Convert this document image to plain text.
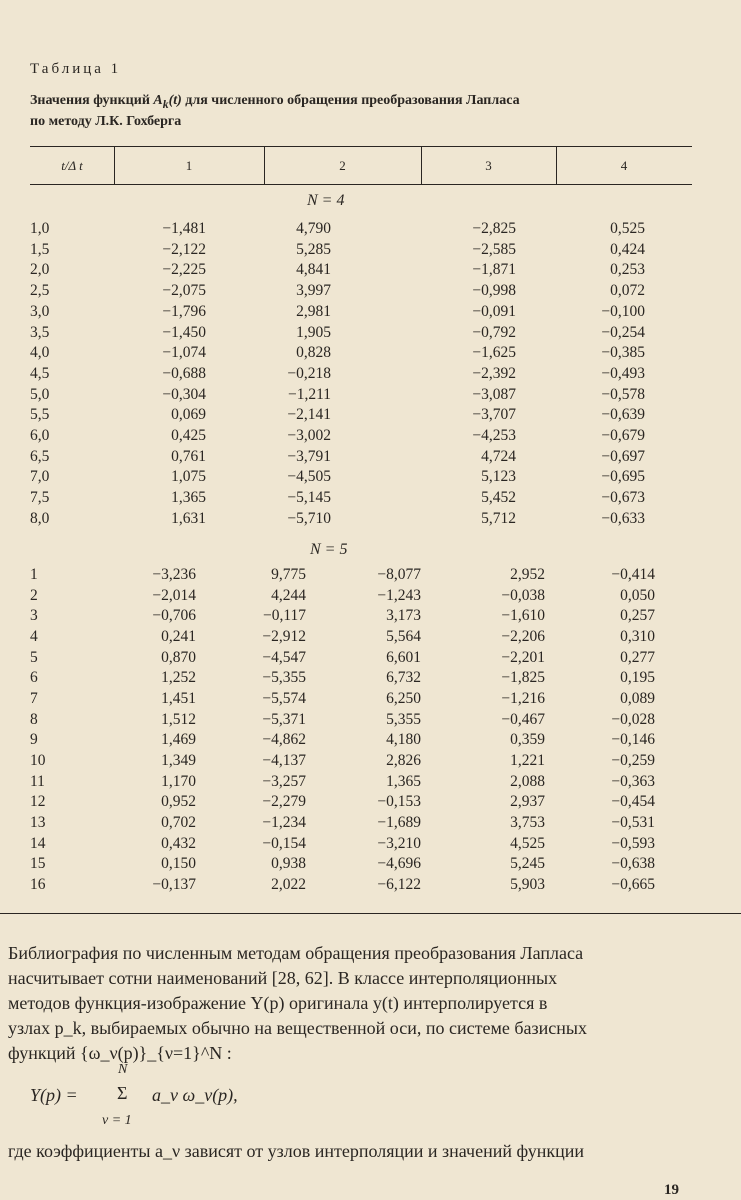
Таблица 1
Значения функций $A_k(t)$ для численного обращения преобразования Лапласа
по методу Л.К. Гохберга
t/Δ t	1	2	3	4
N = 4
1,0	−1,481	4,790	−2,825	0,525
1,5	−2,122	5,285	−2,585	0,424
2,0	−2,225	4,841	−1,871	0,253
2,5	−2,075	3,997	−0,998	0,072
3,0	−1,796	2,981	−0,091	−0,100
3,5	−1,450	1,905	−0,792	−0,254
4,0	−1,074	0,828	−1,625	−0,385
4,5	−0,688	−0,218	−2,392	−0,493
5,0	−0,304	−1,211	−3,087	−0,578
5,5	0,069	−2,141	−3,707	−0,639
6,0	0,425	−3,002	−4,253	−0,679
6,5	0,761	−3,791	4,724	−0,697
7,0	1,075	−4,505	5,123	−0,695
7,5	1,365	−5,145	5,452	−0,673
8,0	1,631	−5,710	5,712	−0,633
N = 5
1	−3,236	9,775	−8,077	2,952	−0,414
2	−2,014	4,244	−1,243	−0,038	0,050
3	−0,706	−0,117	3,173	−1,610	0,257
4	0,241	−2,912	5,564	−2,206	0,310
5	0,870	−4,547	6,601	−2,201	0,277
6	1,252	−5,355	6,732	−1,825	0,195
7	1,451	−5,574	6,250	−1,216	0,089
8	1,512	−5,371	5,355	−0,467	−0,028
9	1,469	−4,862	4,180	0,359	−0,146
10	1,349	−4,137	2,826	1,221	−0,259
11	1,170	−3,257	1,365	2,088	−0,363
12	0,952	−2,279	−0,153	2,937	−0,454
13	0,702	−1,234	−1,689	3,753	−0,531
14	0,432	−0,154	−3,210	4,525	−0,593
15	0,150	0,938	−4,696	5,245	−0,638
16	−0,137	2,022	−6,122	5,903	−0,665
Библиография по численным методам обращения преобразования Лапласа
насчитывает сотни наименований [28, 62]. В классе интерполяционных
методов функция-изображение Y(p) оригинала y(t) интерполируется в
узлах p_k, выбираемых обычно на вещественной оси, по системе базисных
функций {ω_ν(p)}_{ν=1}^N :
Y(p) =
N
Σ
ν = 1
a_ν ω_ν(p),
где коэффициенты a_ν зависят от узлов интерполяции и значений функции
19
